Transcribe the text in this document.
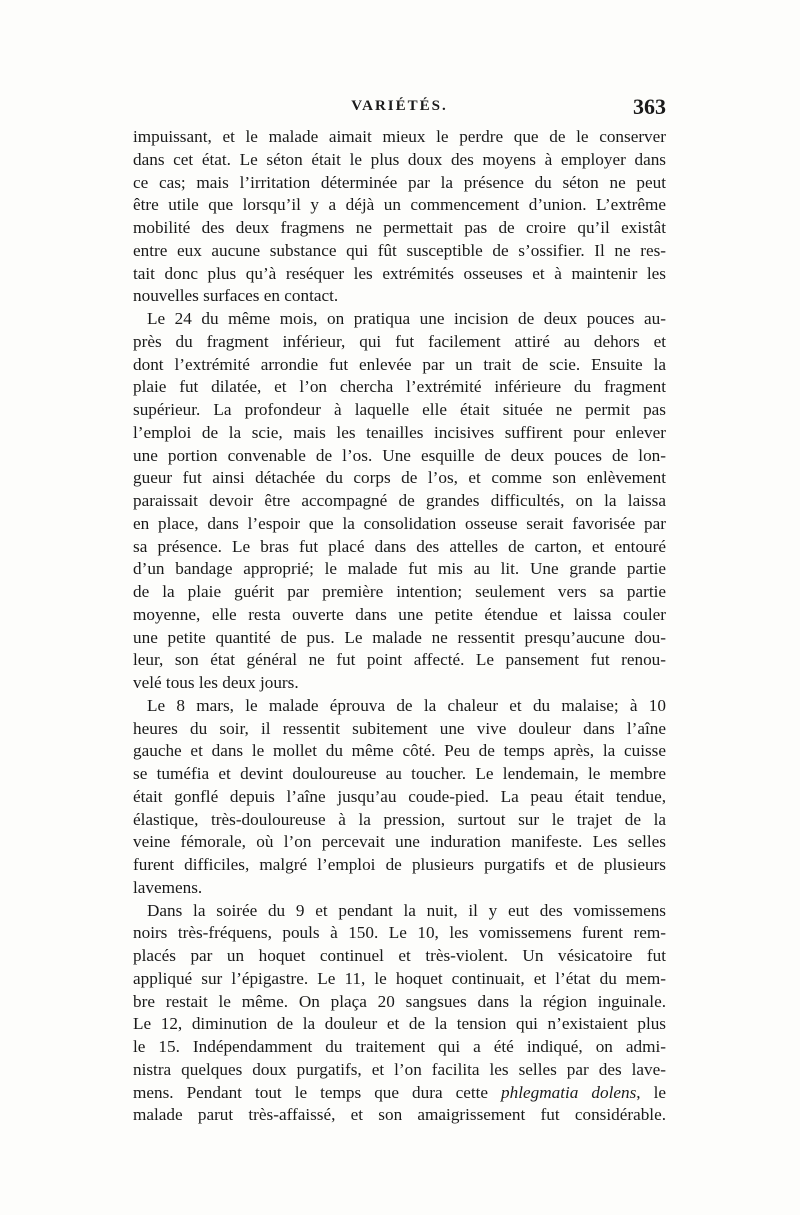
VARIÉTÉS.	363
impuissant, et le malade aimait mieux le perdre que de le conserver
dans cet état. Le séton était le plus doux des moyens à employer dans
ce cas; mais l’irritation déterminée par la présence du séton ne peut
être utile que lorsqu’il y a déjà un commencement d’union. L’extrême
mobilité des deux fragmens ne permettait pas de croire qu’il existât
entre eux aucune substance qui fût susceptible de s’ossifier. Il ne res-
tait donc plus qu’à reséquer les extrémités osseuses et à maintenir les
nouvelles surfaces en contact.
Le 24 du même mois, on pratiqua une incision de deux pouces au-
près du fragment inférieur, qui fut facilement attiré au dehors et
dont l’extrémité arrondie fut enlevée par un trait de scie. Ensuite la
plaie fut dilatée, et l’on chercha l’extrémité inférieure du fragment
supérieur. La profondeur à laquelle elle était située ne permit pas
l’emploi de la scie, mais les tenailles incisives suffirent pour enlever
une portion convenable de l’os. Une esquille de deux pouces de lon-
gueur fut ainsi détachée du corps de l’os, et comme son enlèvement
paraissait devoir être accompagné de grandes difficultés, on la laissa
en place, dans l’espoir que la consolidation osseuse serait favorisée par
sa présence. Le bras fut placé dans des attelles de carton, et entouré
d’un bandage approprié; le malade fut mis au lit. Une grande partie
de la plaie guérit par première intention; seulement vers sa partie
moyenne, elle resta ouverte dans une petite étendue et laissa couler
une petite quantité de pus. Le malade ne ressentit presqu’aucune dou-
leur, son état général ne fut point affecté. Le pansement fut renou-
velé tous les deux jours.
Le 8 mars, le malade éprouva de la chaleur et du malaise; à 10
heures du soir, il ressentit subitement une vive douleur dans l’aîne
gauche et dans le mollet du même côté. Peu de temps après, la cuisse
se tuméfia et devint douloureuse au toucher. Le lendemain, le membre
était gonflé depuis l’aîne jusqu’au coude-pied. La peau était tendue,
élastique, très-douloureuse à la pression, surtout sur le trajet de la
veine fémorale, où l’on percevait une induration manifeste. Les selles
furent difficiles, malgré l’emploi de plusieurs purgatifs et de plusieurs
lavemens.
Dans la soirée du 9 et pendant la nuit, il y eut des vomissemens
noirs très-fréquens, pouls à 150. Le 10, les vomissemens furent rem-
placés par un hoquet continuel et très-violent. Un vésicatoire fut
appliqué sur l’épigastre. Le 11, le hoquet continuait, et l’état du mem-
bre restait le même. On plaça 20 sangsues dans la région inguinale.
Le 12, diminution de la douleur et de la tension qui n’existaient plus
le 15. Indépendamment du traitement qui a été indiqué, on admi-
nistra quelques doux purgatifs, et l’on facilita les selles par des lave-
mens. Pendant tout le temps que dura cette phlegmatia dolens, le
malade parut très-affaissé, et son amaigrissement fut considérable.
